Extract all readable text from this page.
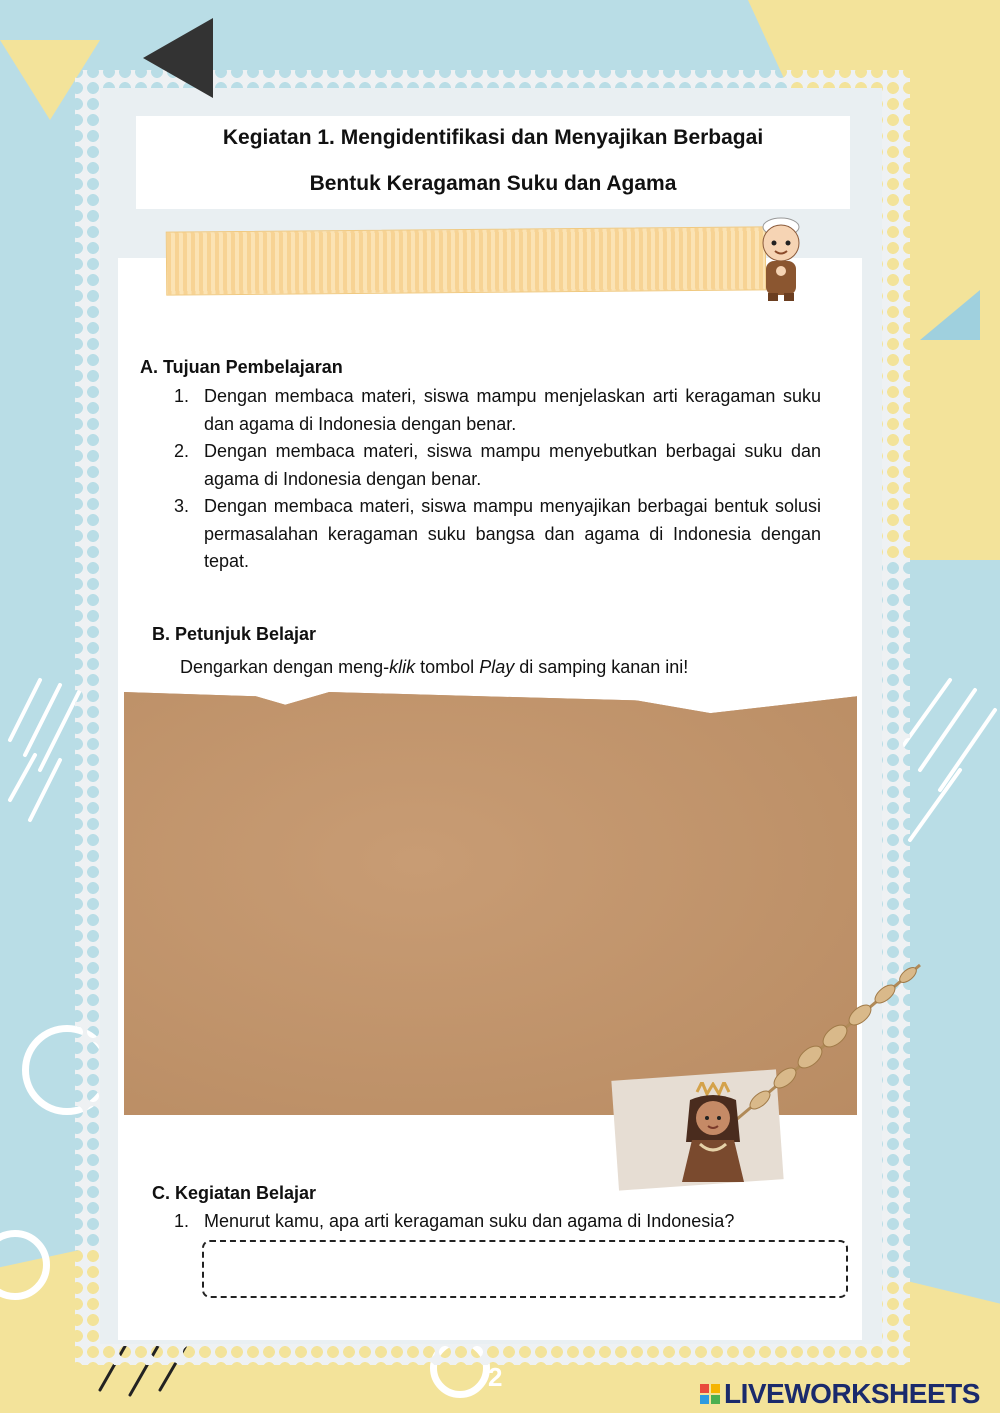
Kegiatan 1. Mengidentifikasi dan Menyajikan Berbagai
Bentuk Keragaman Suku dan Agama
A. Tujuan Pembelajaran
1. Dengan membaca materi, siswa mampu menjelaskan arti keragaman suku dan agama di Indonesia dengan benar.
2. Dengan membaca materi, siswa mampu menyebutkan berbagai suku dan agama di Indonesia dengan benar.
3. Dengan membaca materi, siswa mampu menyajikan berbagai bentuk solusi permasalahan keragaman suku bangsa dan agama di Indonesia dengan tepat.
B. Petunjuk Belajar
Dengarkan dengan meng-klik tombol Play di samping kanan ini!
C. Kegiatan Belajar
1. Menurut kamu, apa arti keragaman suku dan agama di Indonesia?
2
LIVEWORKSHEETS
